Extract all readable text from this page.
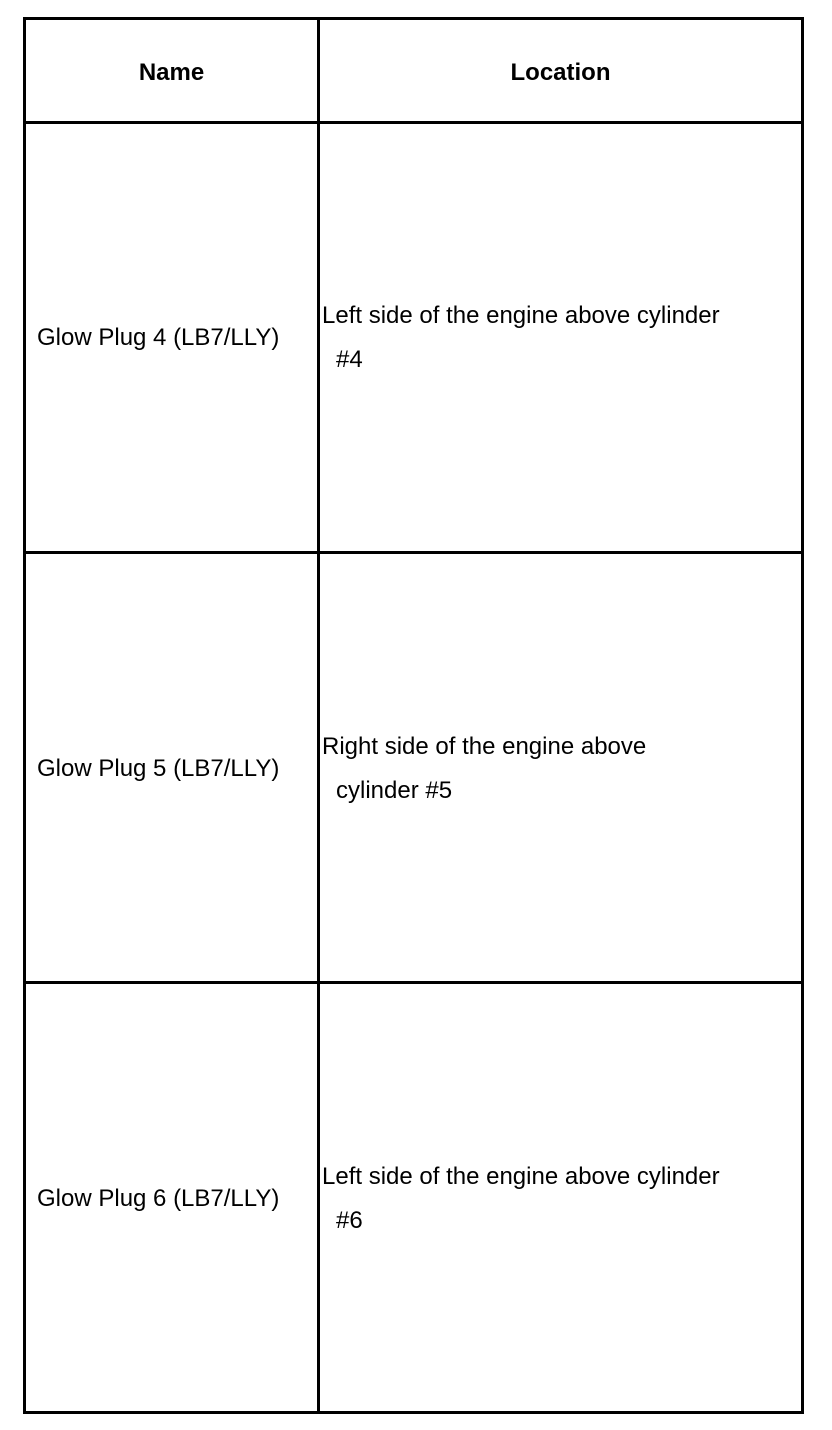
Name	Location
Glow Plug 4 (LB7/LLY)
Left side of the engine above cylinder
#4
Glow Plug 5 (LB7/LLY)
Right side of the engine above
cylinder #5
Glow Plug 6 (LB7/LLY)
Left side of the engine above cylinder
#6
